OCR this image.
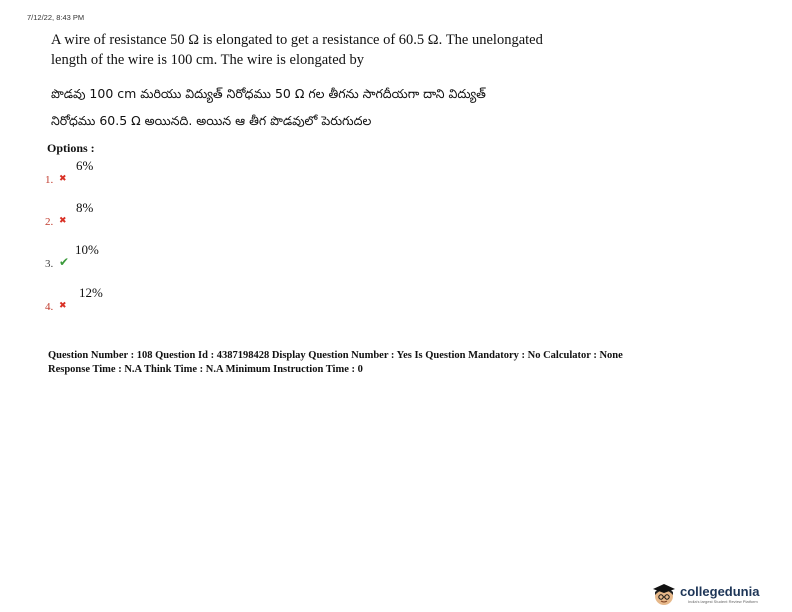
7/12/22, 8:43 PM
A wire of resistance 50 Ω is elongated to get a resistance of 60.5 Ω. The unelongated
length of the wire is 100 cm. The wire is elongated by
పొడవు 100 cm మరియు విద్యుత్ నిరోధము 50 Ω గల తీగను సాగదీయగా దాని విద్యుత్
నిరోధము 60.5 Ω అయినది. అయిన ఆ తీగ పొడవులో పెరుగుదల
Options :
1. ✖
6%
2. ✖
8%
3. ✔
10%
4. ✖
12%
Question Number : 108 Question Id : 4387198428 Display Question Number : Yes Is Question Mandatory : No Calculator : None
Response Time : N.A Think Time : N.A Minimum Instruction Time : 0
collegedunia
India's largest Student Review Platform
